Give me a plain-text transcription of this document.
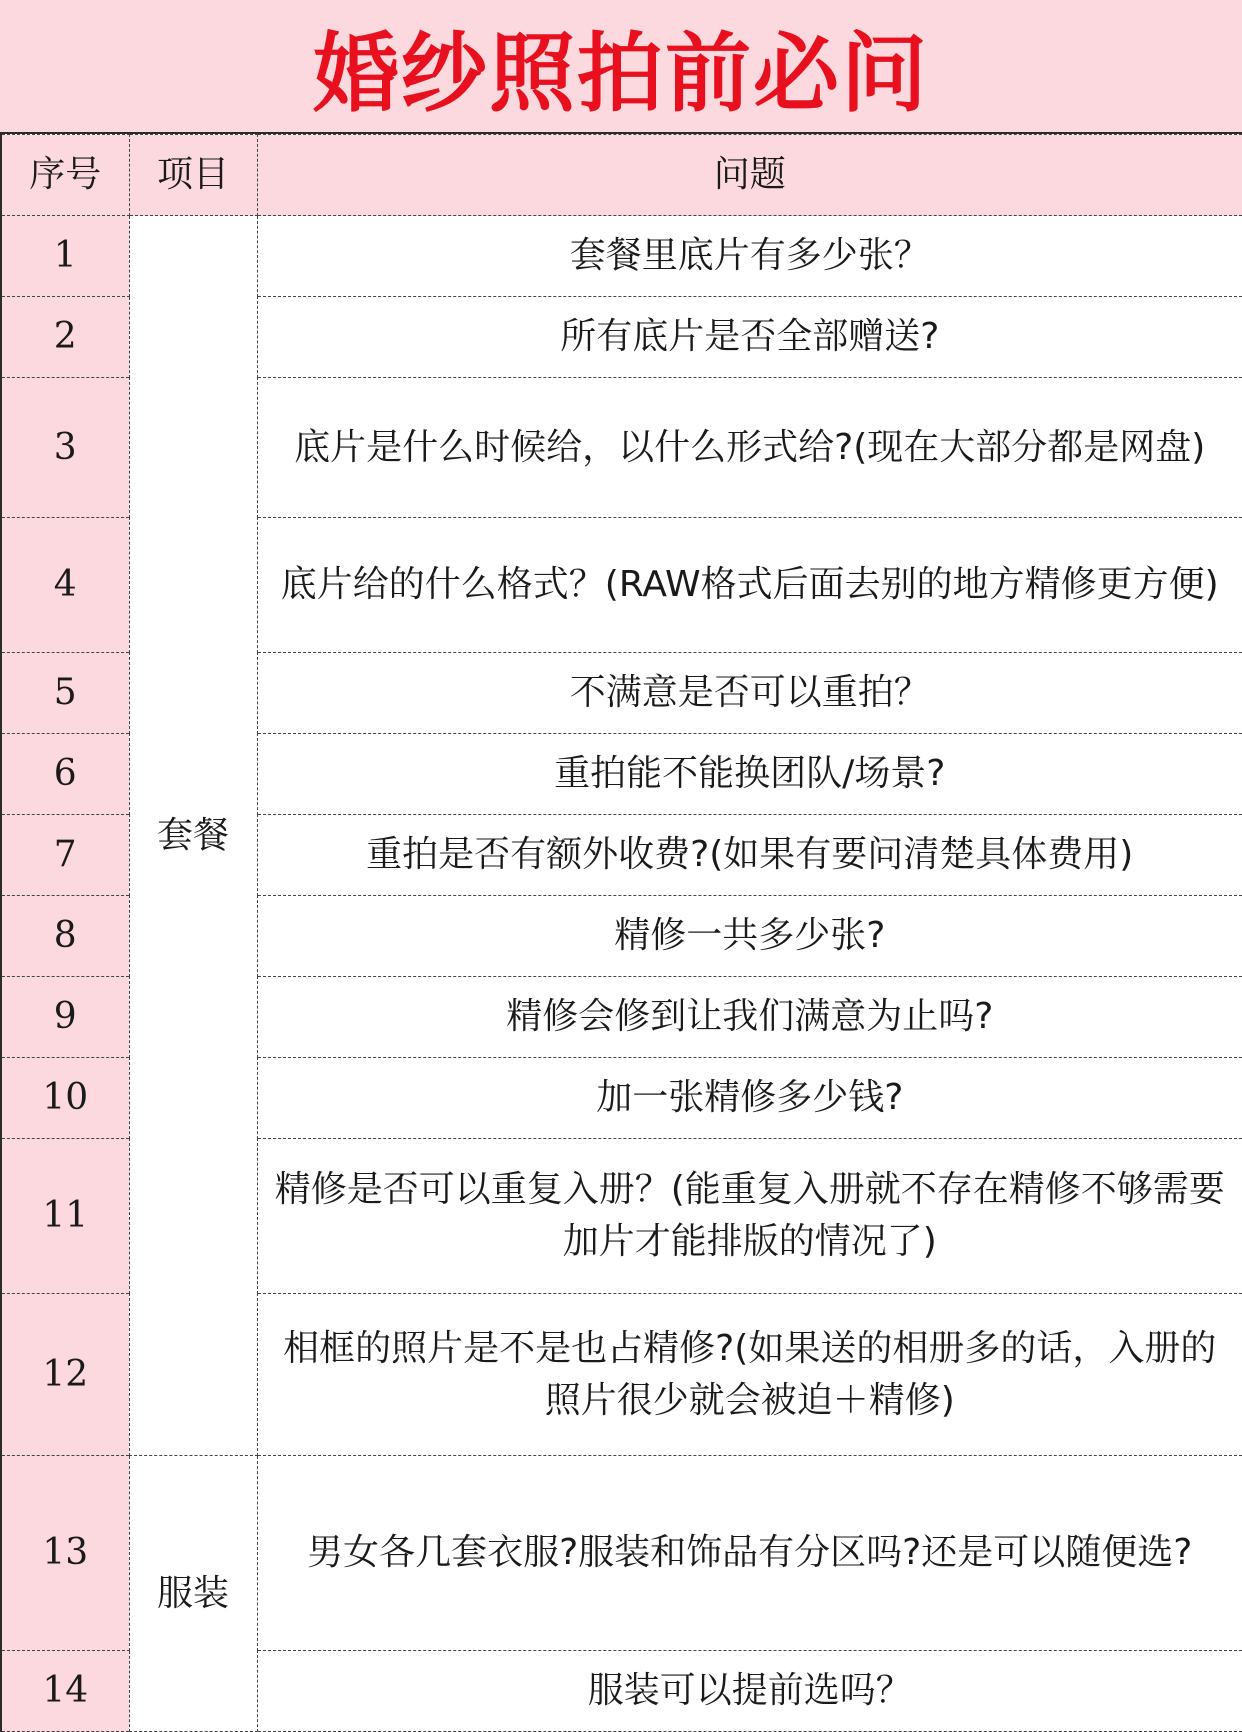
婚纱照拍前必问
序号	项目	问题
1	套餐	套餐里底片有多少张？
2		所有底片是否全部赠送?
3		底片是什么时候给，以什么形式给?(现在大部分都是网盘)
4		底片给的什么格式？(RAW格式后面去别的地方精修更方便)
5		不满意是否可以重拍？
6		重拍能不能换团队/场景?
7		重拍是否有额外收费?(如果有要问清楚具体费用)
8		精修一共多少张?
9		精修会修到让我们满意为止吗?
10		加一张精修多少钱?
11		精修是否可以重复入册？(能重复入册就不存在精修不够需要加片才能排版的情况了)
12		相框的照片是不是也占精修?(如果送的相册多的话，入册的照片很少就会被迫＋精修)
13	服装	男女各几套衣服?服装和饰品有分区吗?还是可以随便选?
14		服装可以提前选吗？
